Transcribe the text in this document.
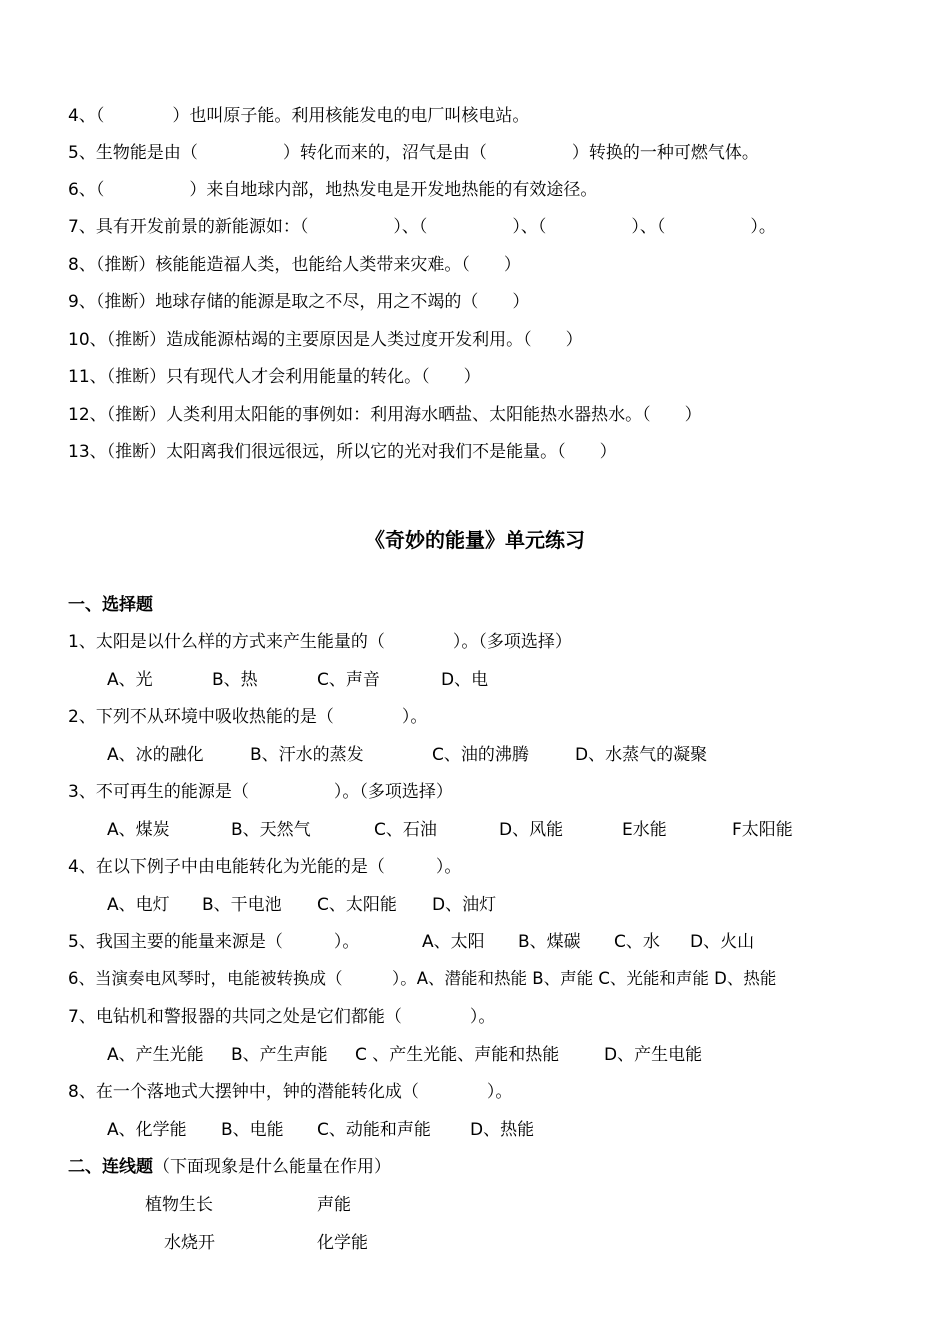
4、（　　　　）也叫原子能。利用核能发电的电厂叫核电站。
5、生物能是由（　　　　　）转化而来的，沼气是由（　　　　　）转换的一种可燃气体。
6、（　　　　　）来自地球内部，地热发电是开发地热能的有效途径。
7、具有开发前景的新能源如：（　　　　　）、（　　　　　）、（　　　　　）、（　　　　　）。
8、（推断）核能能造福人类，也能给人类带来灾难。（　　）
9、（推断）地球存储的能源是取之不尽，用之不竭的（　　）
10、（推断）造成能源枯竭的主要原因是人类过度开发利用。（　　）
11、（推断）只有现代人才会利用能量的转化。（　　）
12、（推断）人类利用太阳能的事例如：利用海水晒盐、太阳能热水器热水。（　　）
13、（推断）太阳离我们很远很远，所以它的光对我们不是能量。（　　）
《奇妙的能量》单元练习
一、选择题
1、太阳是以什么样的方式来产生能量的（　　　　）。（多项选择）
A、光	B、热	C、声音	D、电
2、下列不从环境中吸收热能的是（　　　　）。
A、冰的融化	B、汗水的蒸发	C、油的沸腾	D、水蒸气的凝聚
3、不可再生的能源是（　　　　　）。（多项选择）
A、煤炭	B、天然气	C、石油	D、风能	E水能	F太阳能
4、在以下例子中由电能转化为光能的是（　　　）。
A、电灯 B、干电池 C、太阳能 D、油灯
5、我国主要的能量来源是（　　　）。	A、太阳 B、煤碳 C、水 D、火山
6、当演奏电风琴时，电能被转换成（　　　）。A、潜能和热能 B、声能 C、光能和声能 D、热能
7、电钻机和警报器的共同之处是它们都能（　　　　）。
A、产生光能 B、产生声能 C 、产生光能、声能和热能	D、产生电能
8、在一个落地式大摆钟中，钟的潜能转化成（　　　　）。
A、化学能 B、电能 C、动能和声能 D、热能
二、连线题（下面现象是什么能量在作用）
植物生长	声能
水烧开	化学能
